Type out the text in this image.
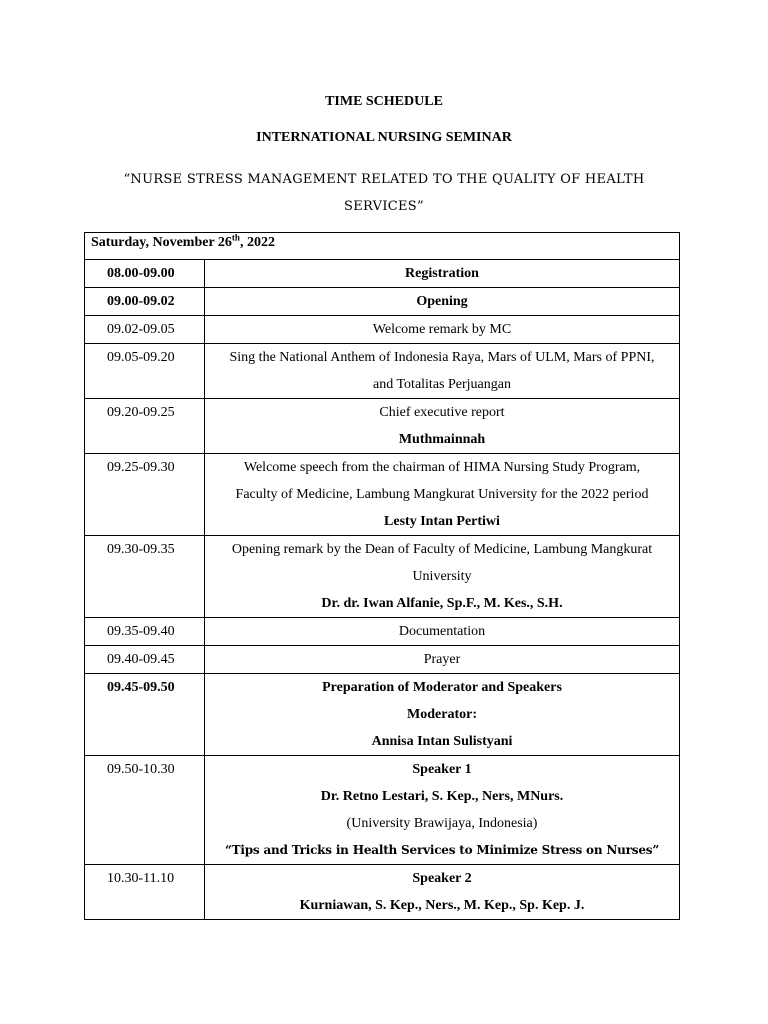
TIME SCHEDULE
INTERNATIONAL NURSING SEMINAR
“NURSE STRESS MANAGEMENT RELATED TO THE QUALITY OF HEALTH SERVICES”
Saturday, November 26th, 2022	
08.00-09.00	Registration

09.00-09.02	Opening

09.02-09.05	Welcome remark by MC

09.05-09.20	Sing the National Anthem of Indonesia Raya, Mars of ULM, Mars of PPNI,
and Totalitas Perjuangan

09.20-09.25	Chief executive report
Muthmainnah

09.25-09.30	Welcome speech from the chairman of HIMA Nursing Study Program,
Faculty of Medicine, Lambung Mangkurat University for the 2022 period
Lesty Intan Pertiwi

09.30-09.35	Opening remark by the Dean of Faculty of Medicine, Lambung Mangkurat
University
Dr. dr. Iwan Alfanie, Sp.F., M. Kes., S.H.

09.35-09.40	Documentation

09.40-09.45	Prayer

09.45-09.50	Preparation of Moderator and Speakers
Moderator:
Annisa Intan Sulistyani

09.50-10.30	Speaker 1
Dr. Retno Lestari, S. Kep., Ners, MNurs.
(University Brawijaya, Indonesia)
“Tips and Tricks in Health Services to Minimize Stress on Nurses”

10.30-11.10	Speaker 2
Kurniawan, S. Kep., Ners., M. Kep., Sp. Kep. J.
